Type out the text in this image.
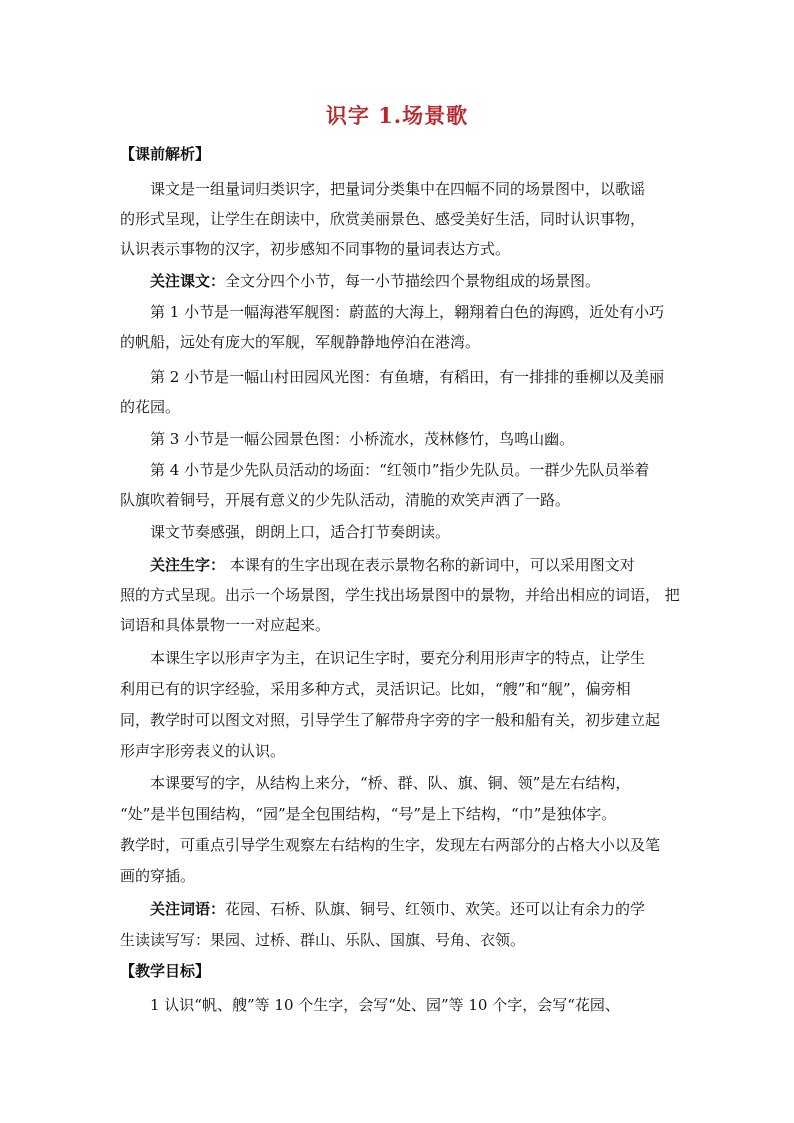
识字 1.场景歌
【课前解析】
课文是一组量词归类识字，把量词分类集中在四幅不同的场景图中，以歌谣
的形式呈现，让学生在朗读中，欣赏美丽景色、感受美好生活，同时认识事物，
认识表示事物的汉字，初步感知不同事物的量词表达方式。
关注课文：全文分四个小节，每一小节描绘四个景物组成的场景图。
第 1 小节是一幅海港军舰图：蔚蓝的大海上，翱翔着白色的海鸥，近处有小巧
的帆船，远处有庞大的军舰，军舰静静地停泊在港湾。
第 2 小节是一幅山村田园风光图：有鱼塘，有稻田，有一排排的垂柳以及美丽
的花园。
第 3 小节是一幅公园景色图：小桥流水，茂林修竹，鸟鸣山幽。
第 4 小节是少先队员活动的场面：“红领巾”指少先队员。一群少先队员举着
队旗吹着铜号，开展有意义的少先队活动，清脆的欢笑声洒了一路。
课文节奏感强，朗朗上口，适合打节奏朗读。
关注生字： 本课有的生字出现在表示景物名称的新词中，可以采用图文对
照的方式呈现。出示一个场景图，学生找出场景图中的景物，并给出相应的词语， 把
词语和具体景物一一对应起来。
本课生字以形声字为主，在识记生字时，要充分利用形声字的特点，让学生
利用已有的识字经验，采用多种方式，灵活识记。比如，“艘”和“舰”，偏旁相
同，教学时可以图文对照，引导学生了解带舟字旁的字一般和船有关，初步建立起
形声字形旁表义的认识。
本课要写的字，从结构上来分，“桥、群、队、旗、铜、领”是左右结构，
“处”是半包围结构，“园”是全包围结构，“号”是上下结构，“巾”是独体字。
教学时，可重点引导学生观察左右结构的生字，发现左右两部分的占格大小以及笔
画的穿插。
关注词语：花园、石桥、队旗、铜号、红领巾、欢笑。还可以让有余力的学
生读读写写：果园、过桥、群山、乐队、国旗、号角、衣领。
【教学目标】
1 认识“帆、艘”等 10 个生字，会写“处、园”等 10 个字，会写“花园、
